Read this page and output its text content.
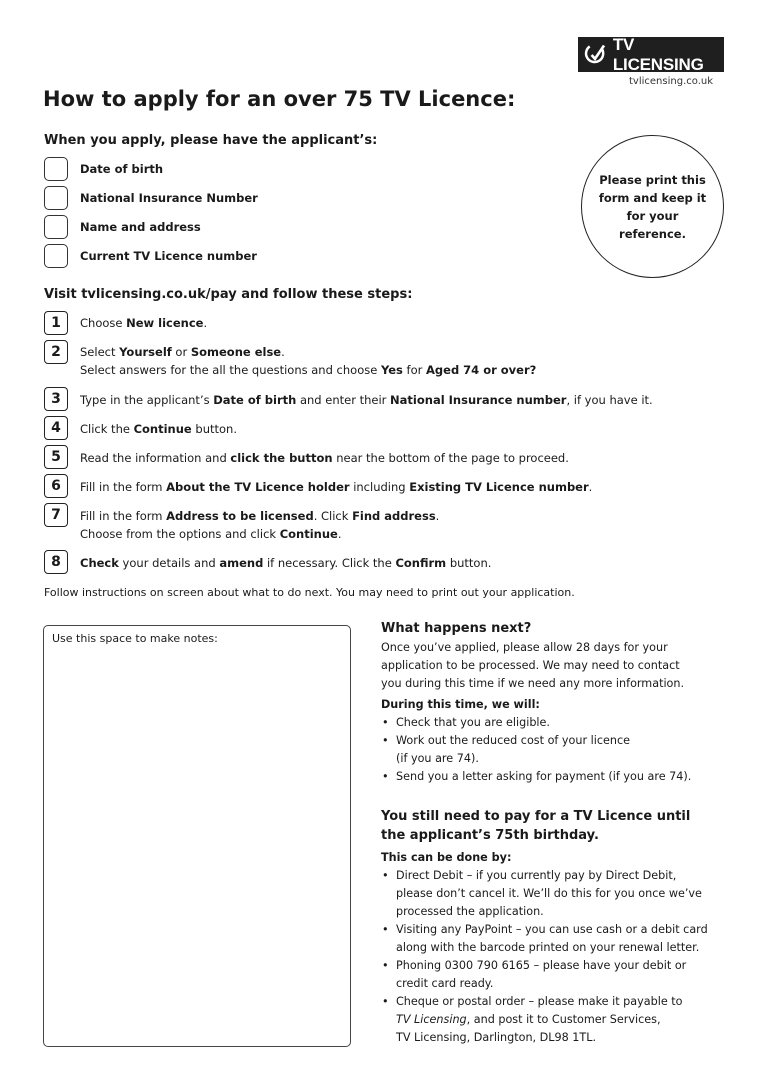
TV LICENSING
tvlicensing.co.uk
How to apply for an over 75 TV Licence:
When you apply, please have the applicant’s:
Date of birth
National Insurance Number
Name and address
Current TV Licence number
Please print this form and keep it for your reference.
Visit tvlicensing.co.uk/pay and follow these steps:
1	Choose New licence.
2	Select Yourself or Someone else.
Select answers for the all the questions and choose Yes for Aged 74 or over?
3	Type in the applicant’s Date of birth and enter their National Insurance number, if you have it.
4	Click the Continue button.
5	Read the information and click the button near the bottom of the page to proceed.
6	Fill in the form About the TV Licence holder including Existing TV Licence number.
7	Fill in the form Address to be licensed. Click Find address.
Choose from the options and click Continue.
8	Check your details and amend if necessary. Click the Confirm button.
Follow instructions on screen about what to do next. You may need to print out your application.
Use this space to make notes:
What happens next?
Once you’ve applied, please allow 28 days for your
application to be processed. We may need to contact
you during this time if we need any more information.
During this time, we will:
• Check that you are eligible.
• Work out the reduced cost of your licence
(if you are 74).
• Send you a letter asking for payment (if you are 74).
You still need to pay for a TV Licence until
the applicant’s 75th birthday.
This can be done by:
• Direct Debit – if you currently pay by Direct Debit,
please don’t cancel it. We’ll do this for you once we’ve
processed the application.
• Visiting any PayPoint – you can use cash or a debit card
along with the barcode printed on your renewal letter.
• Phoning 0300 790 6165 – please have your debit or
credit card ready.
• Cheque or postal order – please make it payable to
TV Licensing, and post it to Customer Services,
TV Licensing, Darlington, DL98 1TL.
